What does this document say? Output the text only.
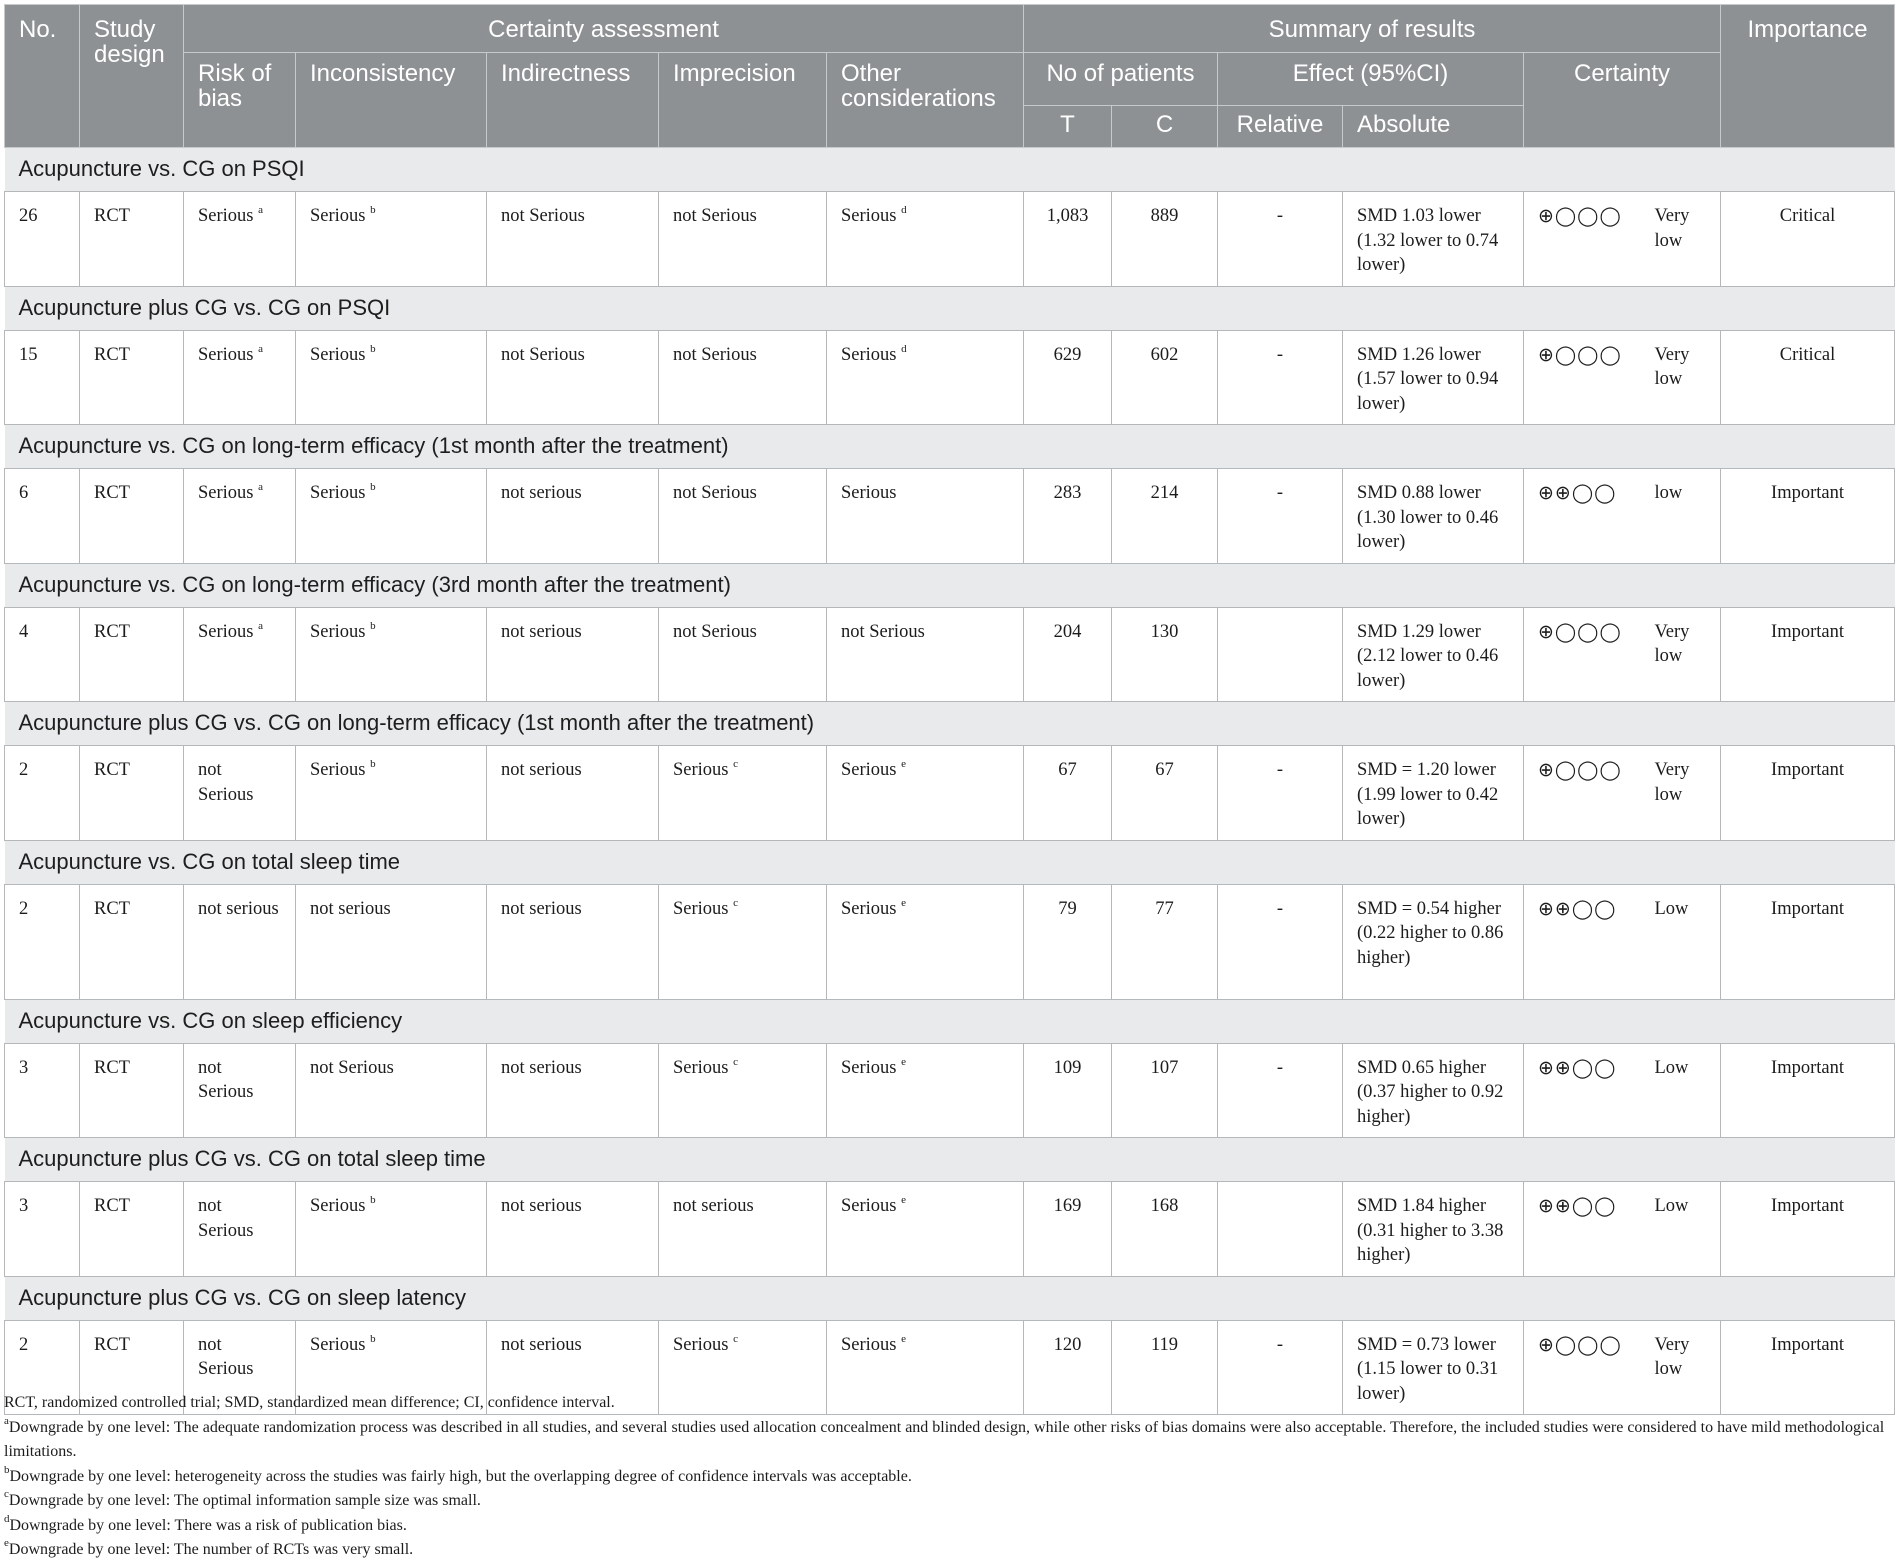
No.	Study design	Certainty assessment					Summary of results						Importance
		Risk of bias	Inconsistency	Indirectness	Imprecision	Other considerations	No of patients		Effect (95%CI)		Certainty		
							T	C	Relative	Absolute			
Acupuncture vs. CG on PSQI													
26	RCT	Serious $^a$	Serious $^b$	not Serious	not Serious	Serious $^d$	1,083	889	-	SMD 1.03 lower (1.32 lower to 0.74 lower)	⊕◯◯◯	Very low	Critical
Acupuncture plus CG vs. CG on PSQI													
15	RCT	Serious $^a$	Serious $^b$	not Serious	not Serious	Serious $^d$	629	602	-	SMD 1.26 lower (1.57 lower to 0.94 lower)	⊕◯◯◯	Very low	Critical
Acupuncture vs. CG on long-term efficacy (1st month after the treatment)													
6	RCT	Serious $^a$	Serious $^b$	not serious	not Serious	Serious	283	214	-	SMD 0.88 lower (1.30 lower to 0.46 lower)	⊕⊕◯◯	low	Important
Acupuncture vs. CG on long-term efficacy (3rd month after the treatment)													
4	RCT	Serious $^a$	Serious $^b$	not serious	not Serious	not Serious	204	130		SMD 1.29 lower (2.12 lower to 0.46 lower)	⊕◯◯◯	Very low	Important
Acupuncture plus CG vs. CG on long-term efficacy (1st month after the treatment)													
2	RCT	not Serious	Serious $^b$	not serious	Serious $^c$	Serious $^e$	67	67	-	SMD = 1.20 lower (1.99 lower to 0.42 lower)	⊕◯◯◯	Very low	Important
Acupuncture vs. CG on total sleep time													
2	RCT	not serious	not serious	not serious	Serious $^c$	Serious $^e$	79	77	-	SMD = 0.54 higher (0.22 higher to 0.86 higher)	⊕⊕◯◯	Low	Important
Acupuncture vs. CG on sleep efficiency													
3	RCT	not Serious	not Serious	not serious	Serious $^c$	Serious $^e$	109	107	-	SMD 0.65 higher (0.37 higher to 0.92 higher)	⊕⊕◯◯	Low	Important
Acupuncture plus CG vs. CG on total sleep time													
3	RCT	not Serious	Serious $^b$	not serious	not serious	Serious $^e$	169	168		SMD 1.84 higher (0.31 higher to 3.38 higher)	⊕⊕◯◯	Low	Important
Acupuncture plus CG vs. CG on sleep latency													
2	RCT	not Serious	Serious $^b$	not serious	Serious $^c$	Serious $^e$	120	119	-	SMD = 0.73 lower (1.15 lower to 0.31 lower)	⊕◯◯◯	Very low	Important

RCT, randomized controlled trial; SMD, standardized mean difference; CI, confidence interval.

$^a$Downgrade by one level: The adequate randomization process was described in all studies, and several studies used allocation concealment and blinded design, while other risks of bias domains were also acceptable. Therefore, the included studies were considered to have mild methodological limitations.

$^b$Downgrade by one level: heterogeneity across the studies was fairly high, but the overlapping degree of confidence intervals was acceptable.

$^c$Downgrade by one level: The optimal information sample size was small.

$^d$Downgrade by one level: There was a risk of publication bias.

$^e$Downgrade by one level: The number of RCTs was very small.
